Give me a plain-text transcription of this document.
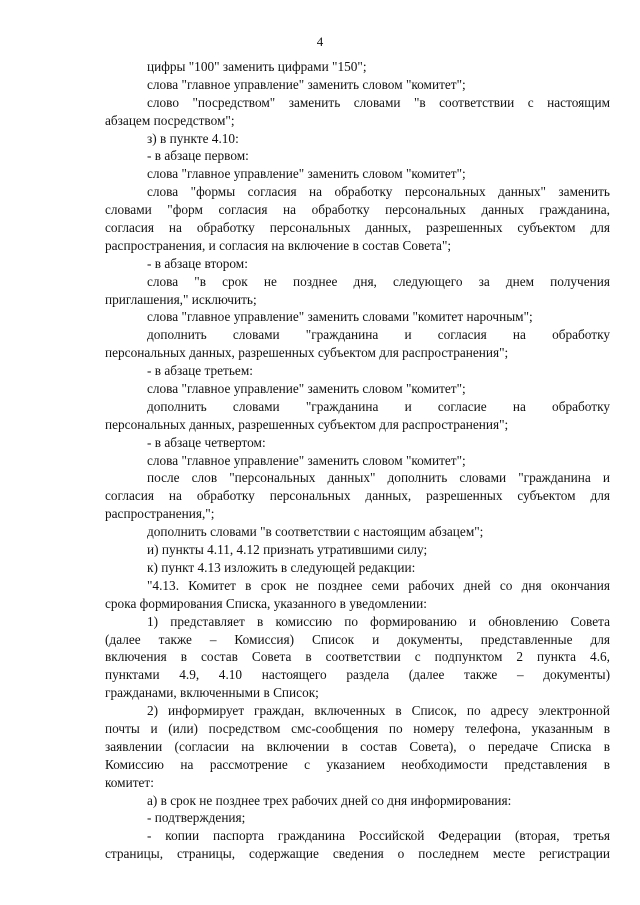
4
цифры "100" заменить цифрами "150";
слова "главное управление" заменить словом "комитет";
слово "посредством" заменить словами "в соответствии с настоящим
абзацем посредством";
з) в пункте 4.10:
- в абзаце первом:
слова "главное управление" заменить словом "комитет";
слова "формы согласия на обработку персональных данных" заменить
словами "форм согласия на обработку персональных данных гражданина,
согласия на обработку персональных данных, разрешенных субъектом для
распространения, и согласия на включение в состав Совета";
- в абзаце втором:
слова "в срок не позднее дня, следующего за днем получения
приглашения," исключить;
слова "главное управление" заменить словами "комитет нарочным";
дополнить словами "гражданина и согласия на обработку
персональных данных, разрешенных субъектом для распространения";
- в абзаце третьем:
слова "главное управление" заменить словом "комитет";
дополнить словами "гражданина и согласие на обработку
персональных данных, разрешенных субъектом для распространения";
- в абзаце четвертом:
слова "главное управление" заменить словом "комитет";
после слов "персональных данных" дополнить словами "гражданина и
согласия на обработку персональных данных, разрешенных субъектом для
распространения,";
дополнить словами "в соответствии с настоящим абзацем";
и) пункты 4.11, 4.12 признать утратившими силу;
к) пункт 4.13 изложить в следующей редакции:
"4.13. Комитет в срок не позднее семи рабочих дней со дня окончания
срока формирования Списка, указанного в уведомлении:
1) представляет в комиссию по формированию и обновлению Совета
(далее также – Комиссия) Список и документы, представленные для
включения в состав Совета в соответствии с подпунктом 2 пункта 4.6,
пунктами 4.9, 4.10 настоящего раздела (далее также – документы)
гражданами, включенными в Список;
2) информирует граждан, включенных в Список, по адресу электронной
почты и (или) посредством смс-сообщения по номеру телефона, указанным в
заявлении (согласии на включении в состав Совета), о передаче Списка в
Комиссию на рассмотрение с указанием необходимости представления в
комитет:
а) в срок не позднее трех рабочих дней со дня информирования:
- подтверждения;
- копии паспорта гражданина Российской Федерации (вторая, третья
страницы, страницы, содержащие сведения о последнем месте регистрации
